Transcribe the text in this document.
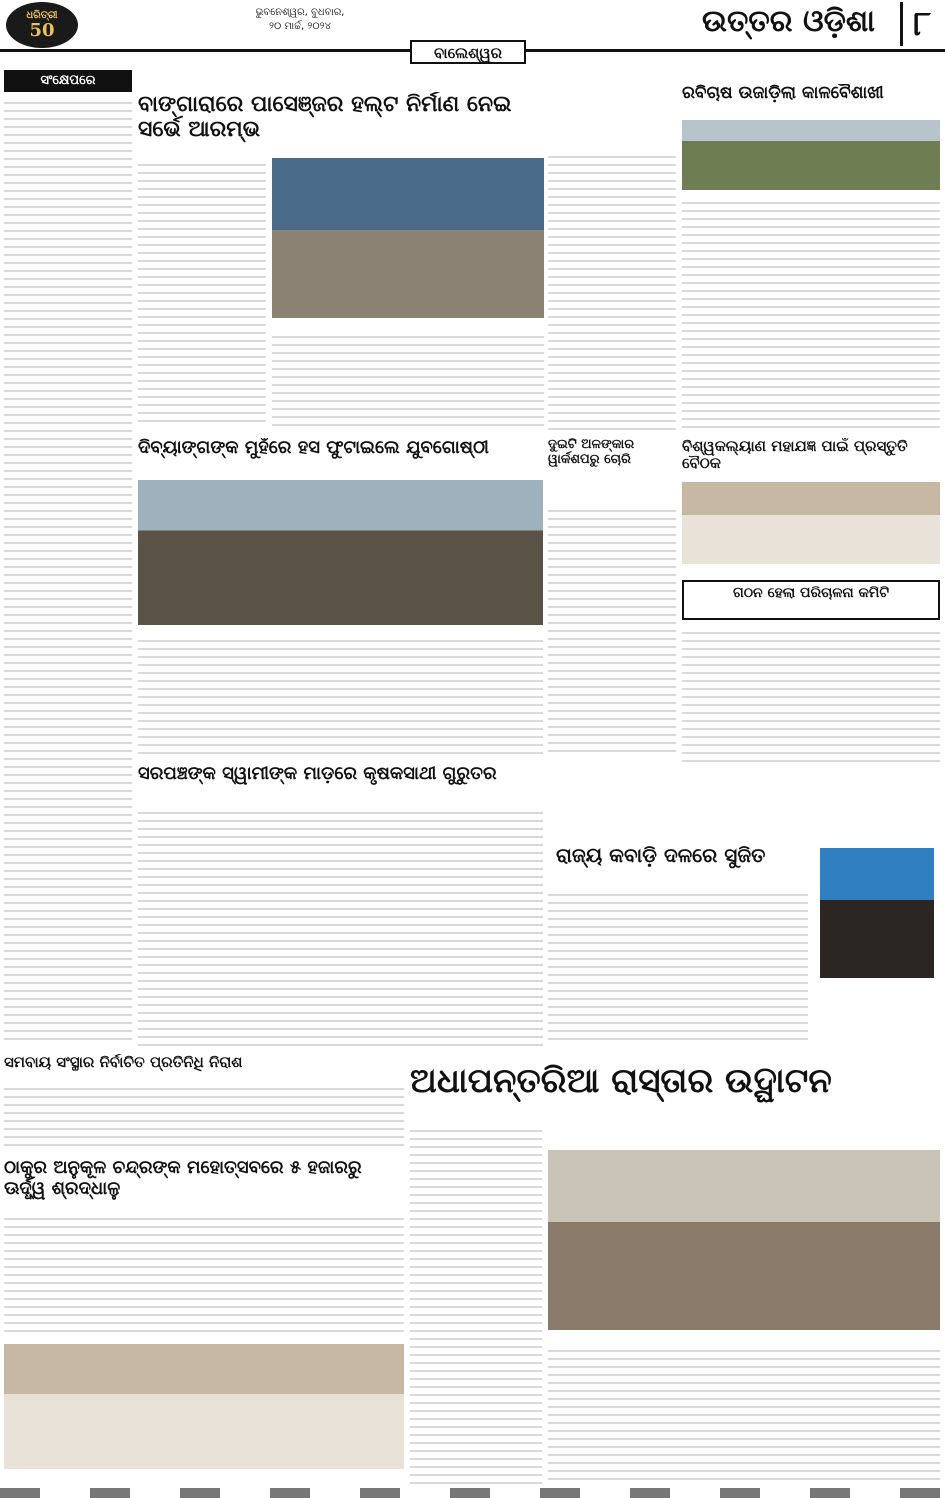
ଧରିତ୍ରୀ
50
ଭୁବନେଶ୍ୱର, ବୁଧବାର,
୨୦ ମାର୍ଚ୍ଚ, ୨୦୨୪	ଉତ୍ତର ଓଡ଼ିଶା	୮
ବାଲେଶ୍ୱର
ସଂକ୍ଷେପରେ
ବାଙ୍ଗାରାରେ ପାସେଞ୍ଜର ହଲ୍ଟ ନିର୍ମାଣ ନେଇ ସର୍ଭେ ଆରମ୍ଭ
ରବିଚାଷ ଉଜାଡ଼ିଲା କାଳବୈଶାଖୀ
ଦିବ୍ୟାଙ୍ଗଙ୍କ ମୁହଁରେ ହସ ଫୁଟାଇଲେ ଯୁବଗୋଷ୍ଠୀ	ଦୁଇଟି ଅଳଙ୍କାର ୱାର୍କଶପରୁ ଚୋରି
ବିଶ୍ୱକଲ୍ୟାଣ ମହାଯଜ୍ଞ ପାଇଁ ପ୍ରସ୍ତୁତି ବୈଠକ
ଗଠନ ହେଲା ପରିଚାଳନା କମିଟି
ସରପଞ୍ଚଙ୍କ ସ୍ୱାମୀଙ୍କ ମାଡ଼ରେ କୃଷକସାଥୀ ଗୁରୁତର
ରାଜ୍ୟ କବାଡ଼ି ଦଳରେ ସୁଜିତ
ସମବାୟ ସଂସ୍ଥାର ନିର୍ବାଚିତ ପ୍ରତିନିଧି ନିରାଶ	ଅଧାପନ୍ତରିଆ ରାସ୍ତାର ଉଦ୍ଘାଟନ
ଠାକୁର ଅନୁକୂଳ ଚନ୍ଦ୍ରଙ୍କ ମହୋତ୍ସବରେ ୫ ହଜାରରୁ ଊର୍ଦ୍ଧ୍ୱ ଶ୍ରଦ୍ଧାଳୁ
